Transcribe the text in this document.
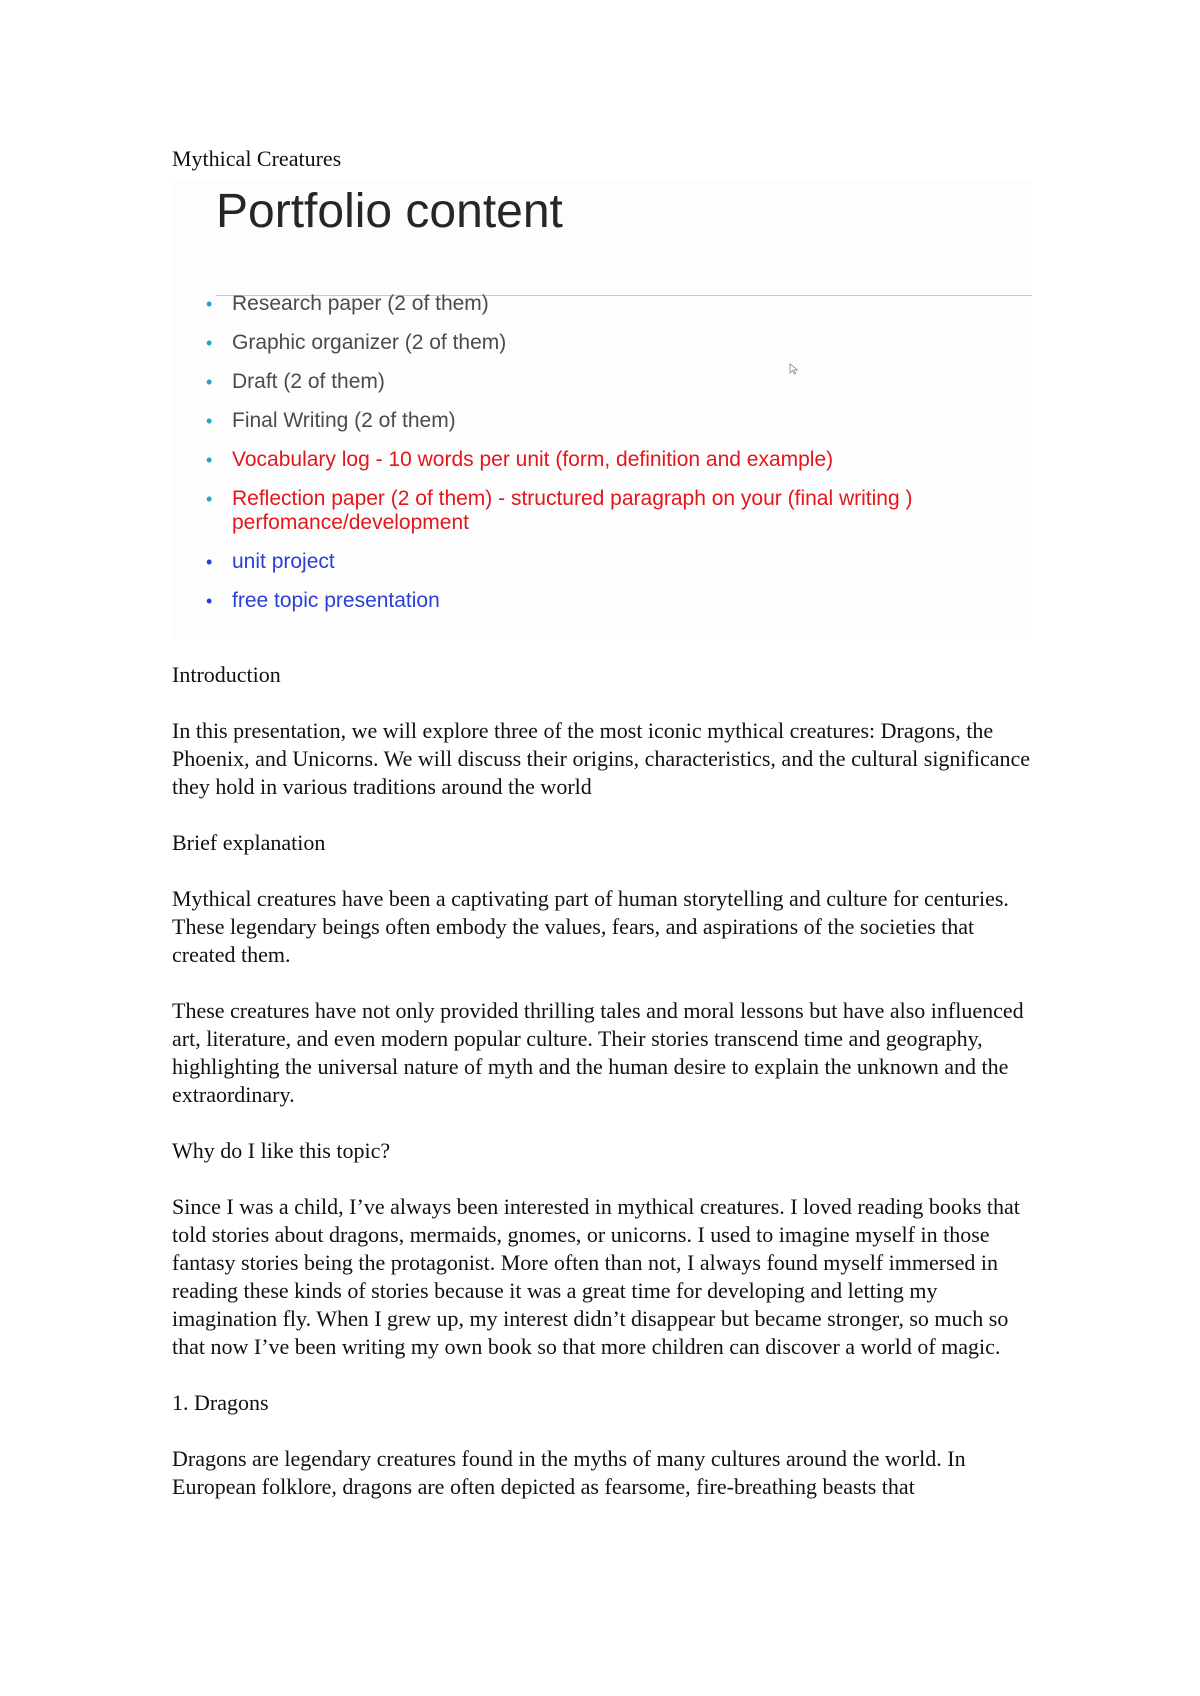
Mythical Creatures
Portfolio content
• Research paper (2 of them)
• Graphic organizer (2 of them)
• Draft (2 of them)
• Final Writing (2 of them)
• Vocabulary log - 10 words per unit (form, definition and example)
• Reflection paper (2 of them) - structured paragraph on your (final writing )
perfomance/development
• unit project
• free topic presentation

Introduction

In this presentation, we will explore three of the most iconic mythical creatures: Dragons, the Phoenix, and Unicorns. We will discuss their origins, characteristics, and the cultural significance they hold in various traditions around the world

Brief explanation

Mythical creatures have been a captivating part of human storytelling and culture for centuries. These legendary beings often embody the values, fears, and aspirations of the societies that created them.

These creatures have not only provided thrilling tales and moral lessons but have also influenced art, literature, and even modern popular culture. Their stories transcend time and geography, highlighting the universal nature of myth and the human desire to explain the unknown and the extraordinary.

Why do I like this topic?

Since I was a child, I’ve always been interested in mythical creatures. I loved reading books that told stories about dragons, mermaids, gnomes, or unicorns. I used to imagine myself in those fantasy stories being the protagonist. More often than not, I always found myself immersed in reading these kinds of stories because it was a great time for developing and letting my imagination fly. When I grew up, my interest didn’t disappear but became stronger, so much so that now I’ve been writing my own book so that more children can discover a world of magic.

1. Dragons

Dragons are legendary creatures found in the myths of many cultures around the world. In European folklore, dragons are often depicted as fearsome, fire-breathing beasts that
